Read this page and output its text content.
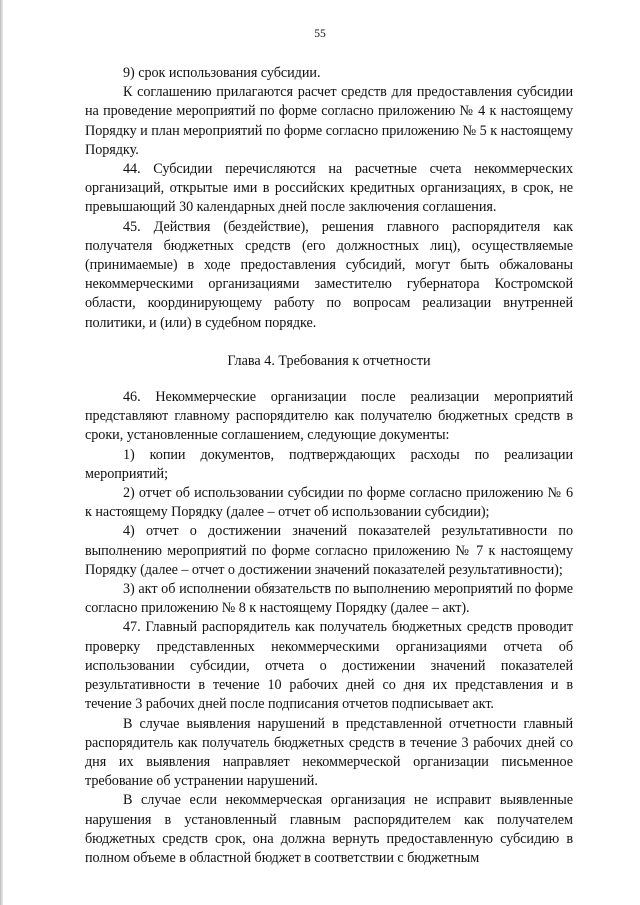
55

9) срок использования субсидии.

К соглашению прилагаются расчет средств для предоставления субсидии на проведение мероприятий по форме согласно приложению № 4 к настоящему Порядку и план мероприятий по форме согласно приложению № 5 к настоящему Порядку.

44. Субсидии перечисляются на расчетные счета некоммерческих организаций, открытые ими в российских кредитных организациях, в срок, не превышающий 30 календарных дней после заключения соглашения.

45. Действия (бездействие), решения главного распорядителя как получателя бюджетных средств (его должностных лиц), осуществляемые (принимаемые) в ходе предоставления субсидий, могут быть обжалованы некоммерческими организациями заместителю губернатора Костромской области, координирующему работу по вопросам реализации внутренней политики, и (или) в судебном порядке.

Глава 4. Требования к отчетности

46. Некоммерческие организации после реализации мероприятий представляют главному распорядителю как получателю бюджетных средств в сроки, установленные соглашением, следующие документы:

1) копии документов, подтверждающих расходы по реализации мероприятий;

2) отчет об использовании субсидии по форме согласно приложению № 6 к настоящему Порядку (далее – отчет об использовании субсидии);

4) отчет о достижении значений показателей результативности по выполнению мероприятий по форме согласно приложению № 7 к настоящему Порядку (далее – отчет о достижении значений показателей результативности);

3) акт об исполнении обязательств по выполнению мероприятий по форме согласно приложению № 8 к настоящему Порядку (далее – акт).

47. Главный распорядитель как получатель бюджетных средств проводит проверку представленных некоммерческими организациями отчета об использовании субсидии, отчета о достижении значений показателей результативности в течение 10 рабочих дней со дня их представления и в течение 3 рабочих дней после подписания отчетов подписывает акт.

В случае выявления нарушений в представленной отчетности главный распорядитель как получатель бюджетных средств в течение 3 рабочих дней со дня их выявления направляет некоммерческой организации письменное требование об устранении нарушений.

В случае если некоммерческая организация не исправит выявленные нарушения в установленный главным распорядителем как получателем бюджетных средств срок, она должна вернуть предоставленную субсидию в полном объеме в областной бюджет в соответствии с бюджетным
